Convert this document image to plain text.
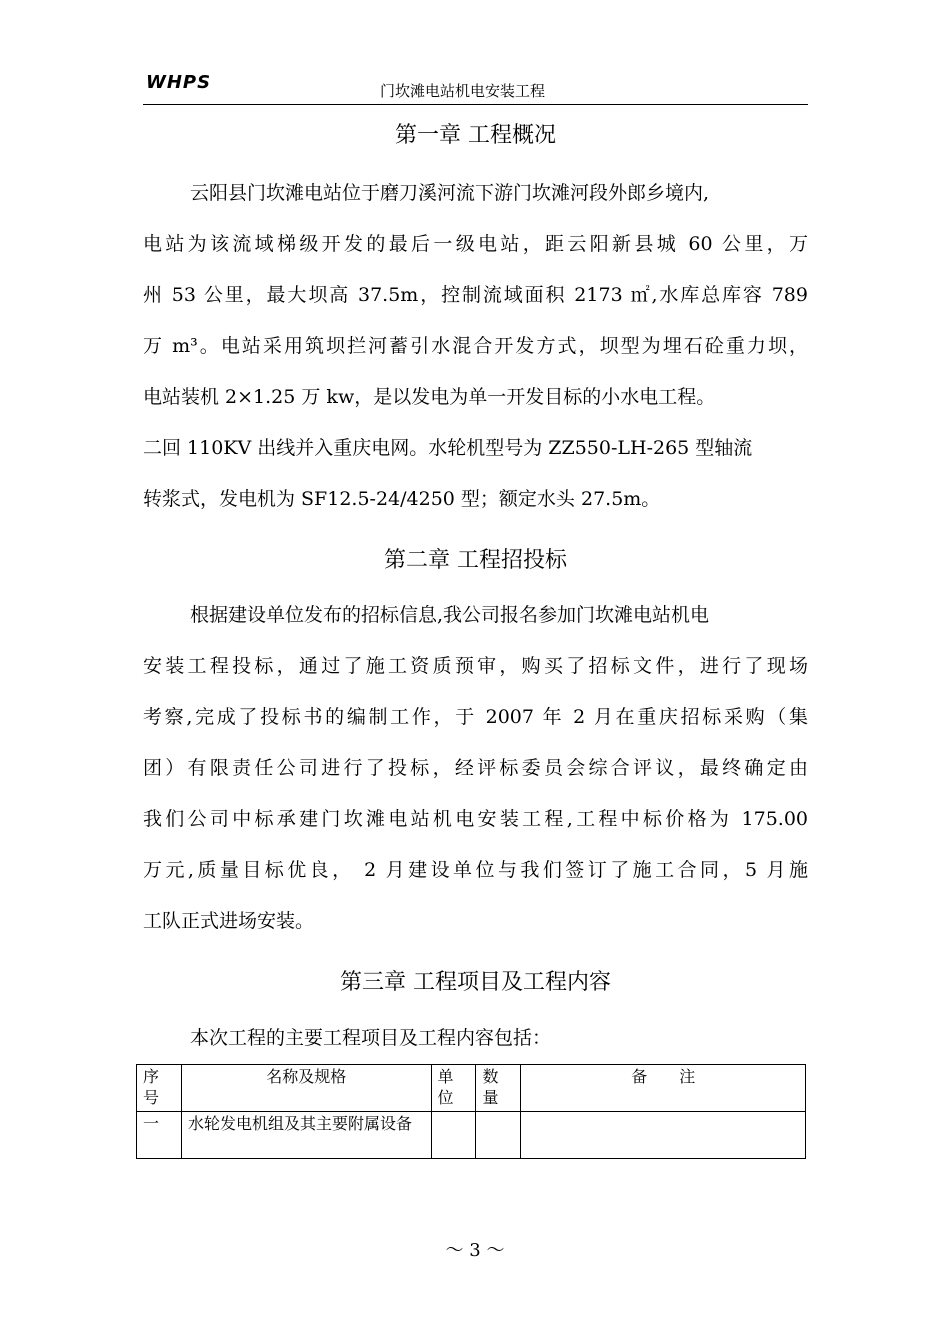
WHPS	门坎滩电站机电安装工程
第一章 工程概况
云阳县门坎滩电站位于磨刀溪河流下游门坎滩河段外郎乡境内,
电站为该流域梯级开发的最后一级电站，距云阳新县城 60 公里，万
州 53 公里，最大坝高 37.5m，控制流域面积 2173 ㎡,水库总库容 789
万 m³。电站采用筑坝拦河蓄引水混合开发方式，坝型为埋石砼重力坝，
电站装机 2×1.25 万 kw，是以发电为单一开发目标的小水电工程。
二回 110KV 出线并入重庆电网。水轮机型号为 ZZ550-LH-265 型轴流
转浆式，发电机为 SF12.5-24/4250 型；额定水头 27.5m。
第二章 工程招投标
根据建设单位发布的招标信息,我公司报名参加门坎滩电站机电
安装工程投标，通过了施工资质预审，购买了招标文件，进行了现场
考察,完成了投标书的编制工作，于 2007 年 2 月在重庆招标采购（集
团）有限责任公司进行了投标，经评标委员会综合评议，最终确定由
我们公司中标承建门坎滩电站机电安装工程,工程中标价格为 175.00
万元,质量目标优良， 2 月建设单位与我们签订了施工合同，5 月施
工队正式进场安装。
第三章 工程项目及工程内容
本次工程的主要工程项目及工程内容包括：
序号	名称及规格	单位	数量	备　　注
一	水轮发电机组及其主要附属设备			
～ 3 ～
